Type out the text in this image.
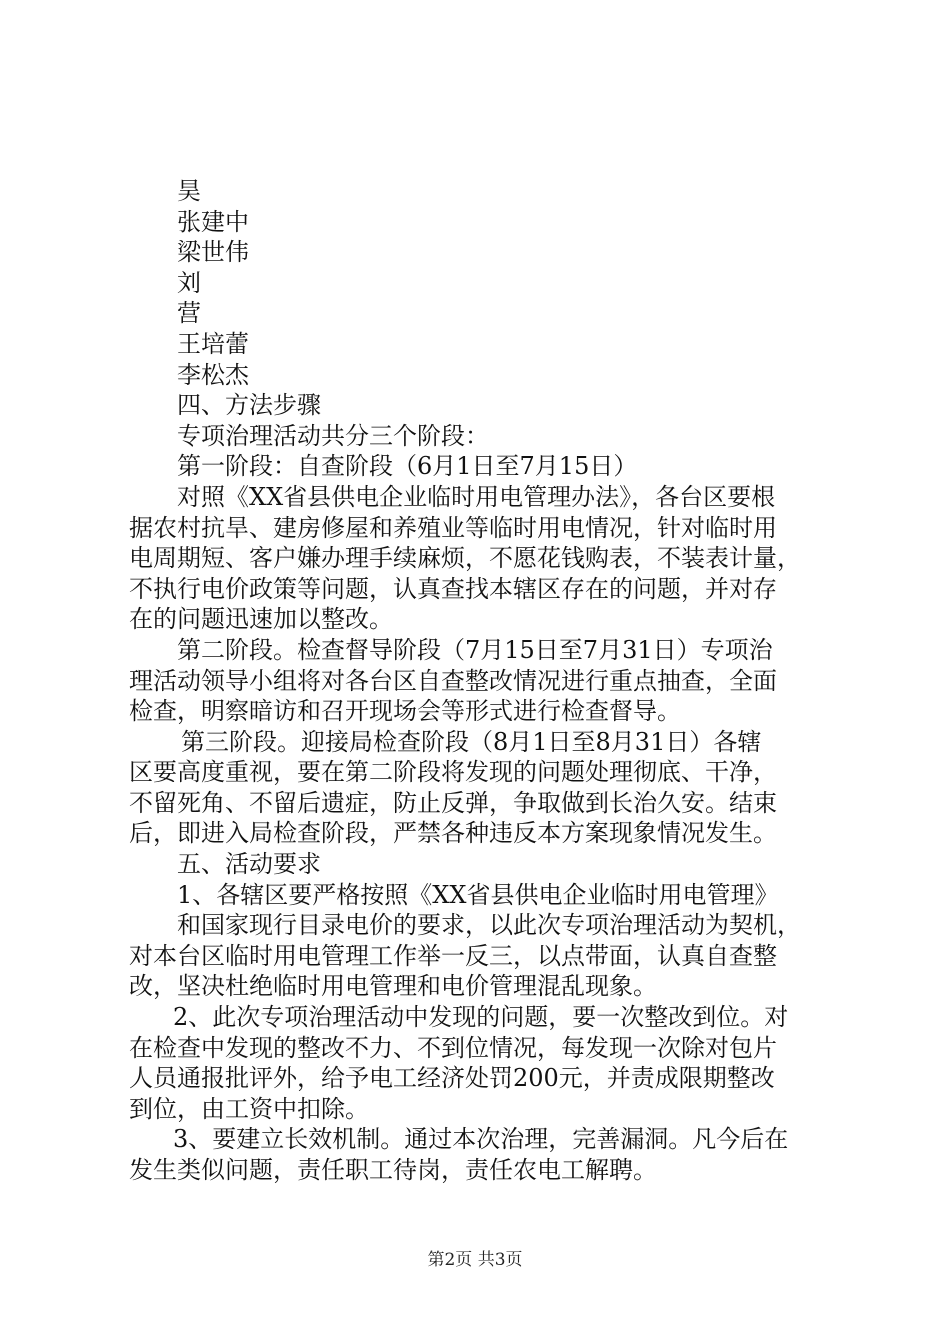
昊
张建中
梁世伟
刘
营
王培蕾
李松杰
四、方法步骤
专项治理活动共分三个阶段：
第一阶段：自查阶段（6月1日至7月15日）
对照《XX省县供电企业临时用电管理办法》，各台区要根
据农村抗旱、建房修屋和养殖业等临时用电情况，针对临时用
电周期短、客户嫌办理手续麻烦，不愿花钱购表，不装表计量，
不执行电价政策等问题，认真查找本辖区存在的问题，并对存
在的问题迅速加以整改。
第二阶段。检查督导阶段（7月15日至7月31日）专项治
理活动领导小组将对各台区自查整改情况进行重点抽查，全面
检查，明察暗访和召开现场会等形式进行检查督导。
第三阶段。迎接局检查阶段（8月1日至8月31日）各辖
区要高度重视，要在第二阶段将发现的问题处理彻底、干净，
不留死角、不留后遗症，防止反弹，争取做到长治久安。结束
后，即进入局检查阶段，严禁各种违反本方案现象情况发生。
五、活动要求
1、各辖区要严格按照《XX省县供电企业临时用电管理》
和国家现行目录电价的要求，以此次专项治理活动为契机，
对本台区临时用电管理工作举一反三，以点带面，认真自查整
改，坚决杜绝临时用电管理和电价管理混乱现象。
2、此次专项治理活动中发现的问题，要一次整改到位。对
在检查中发现的整改不力、不到位情况，每发现一次除对包片
人员通报批评外，给予电工经济处罚200元，并责成限期整改
到位，由工资中扣除。
3、要建立长效机制。通过本次治理，完善漏洞。凡今后在
发生类似问题，责任职工待岗，责任农电工解聘。
第2页 共3页
